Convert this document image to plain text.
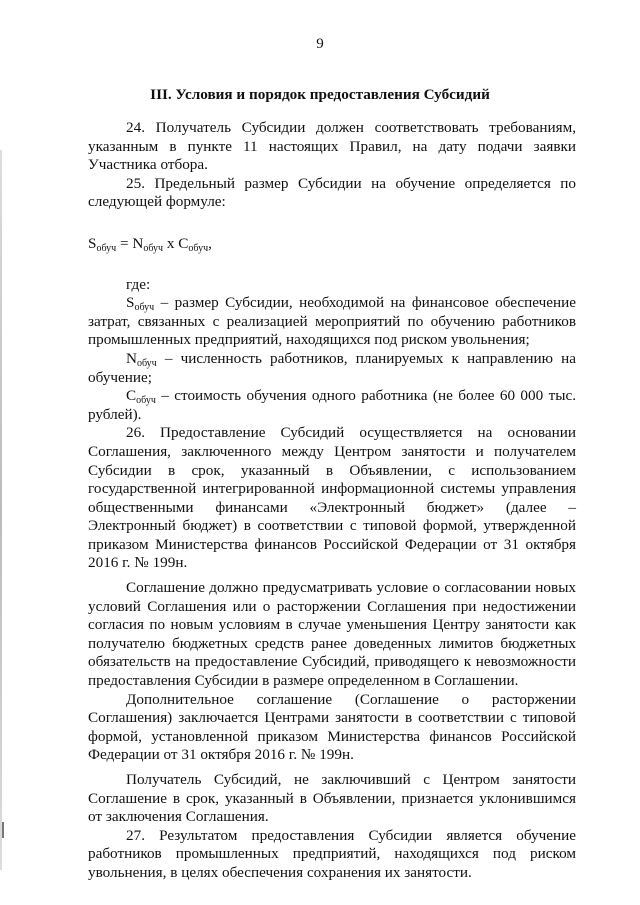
9
III. Условия и порядок предоставления Субсидий

24. Получатель Субсидии должен соответствовать требованиям, указанным в пункте 11 настоящих Правил, на дату подачи заявки Участника отбора.

25. Предельный размер Субсидии на обучение определяется по следующей формуле:

$S_{обуч} = N_{обуч}$ x $C_{обуч}$,

где:

$S_{обуч}$ – размер Субсидии, необходимой на финансовое обеспечение затрат, связанных с реализацией мероприятий по обучению работников промышленных предприятий, находящихся под риском увольнения;

$N_{обуч}$ – численность работников, планируемых к направлению на обучение;

$C_{обуч}$ – стоимость обучения одного работника (не более 60 000 тыс. рублей).

26. Предоставление Субсидий осуществляется на основании Соглашения, заключенного между Центром занятости и получателем Субсидии в срок, указанный в Объявлении, с использованием государственной интегрированной информационной системы управления общественными финансами «Электронный бюджет» (далее – Электронный бюджет) в соответствии с типовой формой, утвержденной приказом Министерства финансов Российской Федерации от 31 октября 2016 г. № 199н.

Соглашение должно предусматривать условие о согласовании новых условий Соглашения или о расторжении Соглашения при недостижении согласия по новым условиям в случае уменьшения Центру занятости как получателю бюджетных средств ранее доведенных лимитов бюджетных обязательств на предоставление Субсидий, приводящего к невозможности предоставления Субсидии в размере определенном в Соглашении.

Дополнительное соглашение (Соглашение о расторжении Соглашения) заключается Центрами занятости в соответствии с типовой формой, установленной приказом Министерства финансов Российской Федерации от 31 октября 2016 г. № 199н.

Получатель Субсидий, не заключивший с Центром занятости Соглашение в срок, указанный в Объявлении, признается уклонившимся от заключения Соглашения.

27. Результатом предоставления Субсидии является обучение работников промышленных предприятий, находящихся под риском увольнения, в целях обеспечения сохранения их занятости.
